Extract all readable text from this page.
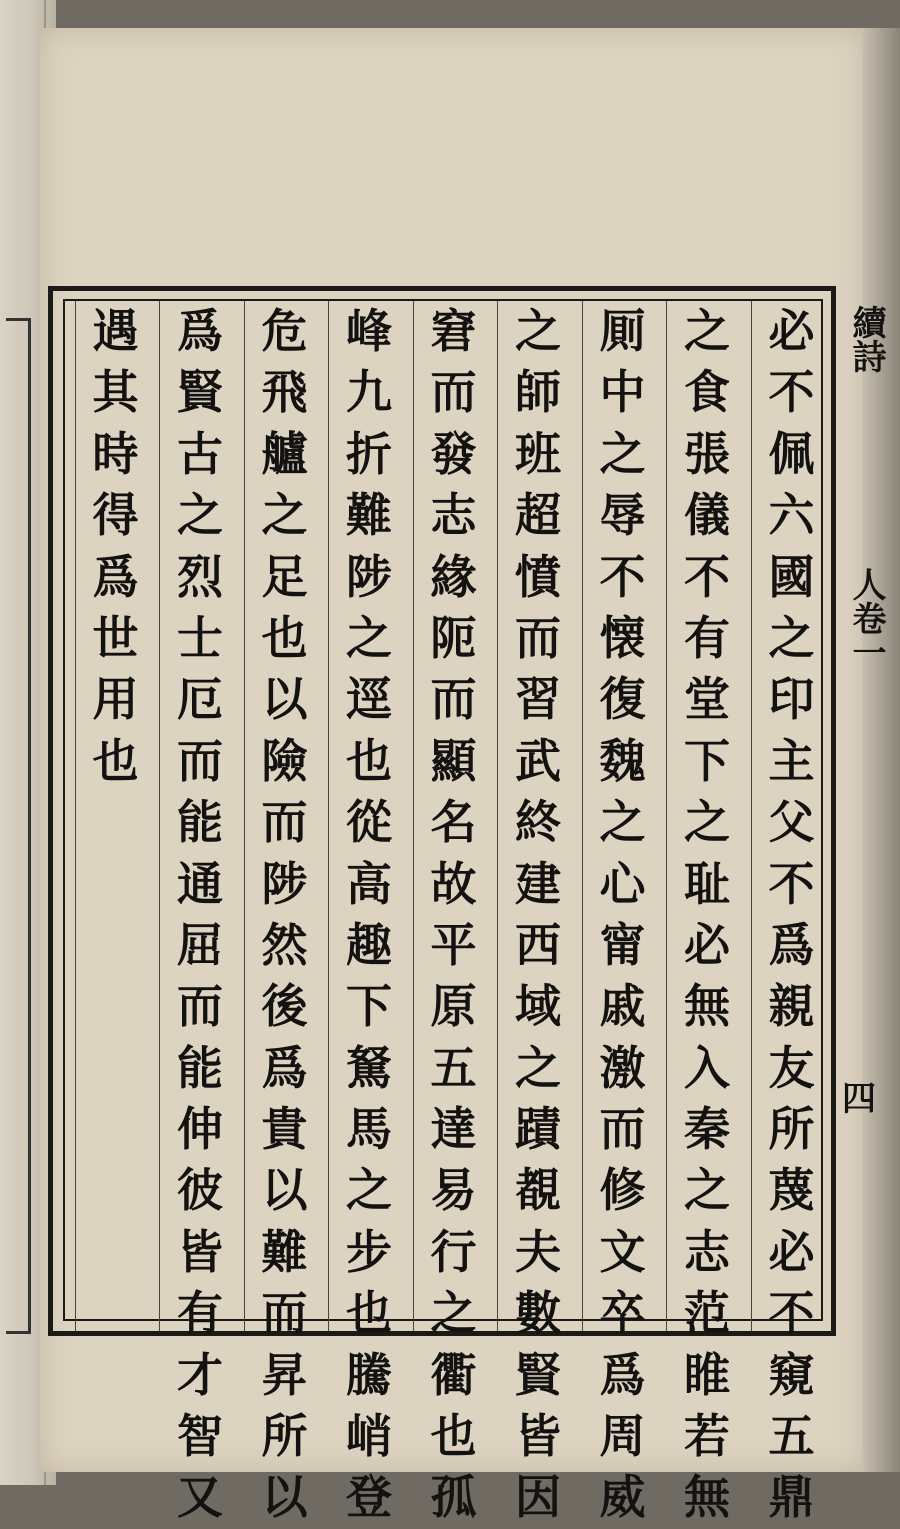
續詩
人卷一
四
必
不
佩
六
國
之
印
主
父
不
爲
親
友
所
蔑
必
不
窺
五
鼎
之
食
張
儀
不
有
堂
下
之
耻
必
無
入
秦
之
志
范
睢
若
無
厠
中
之
辱
不
懐
復
魏
之
心
甯
戚
激
而
修
文
卒
爲
周
威
之
師
班
超
憤
而
習
武
終
建
西
域
之
蹟
覩
夫
數
賢
皆
因
窘
而
發
志
緣
阨
而
顯
名
故
平
原
五
達
易
行
之
衢
也
孤
峰
九
折
難
陟
之
逕
也
從
高
趣
下
駑
馬
之
步
也
騰
峭
登
危
飛
艫
之
足
也
以
險
而
陟
然
後
爲
貴
以
難
而
昇
所
以
爲
賢
古
之
烈
士
厄
而
能
通
屈
而
能
伸
彼
皆
有
才
智
又
遇
其
時
得
爲
世
用
也
